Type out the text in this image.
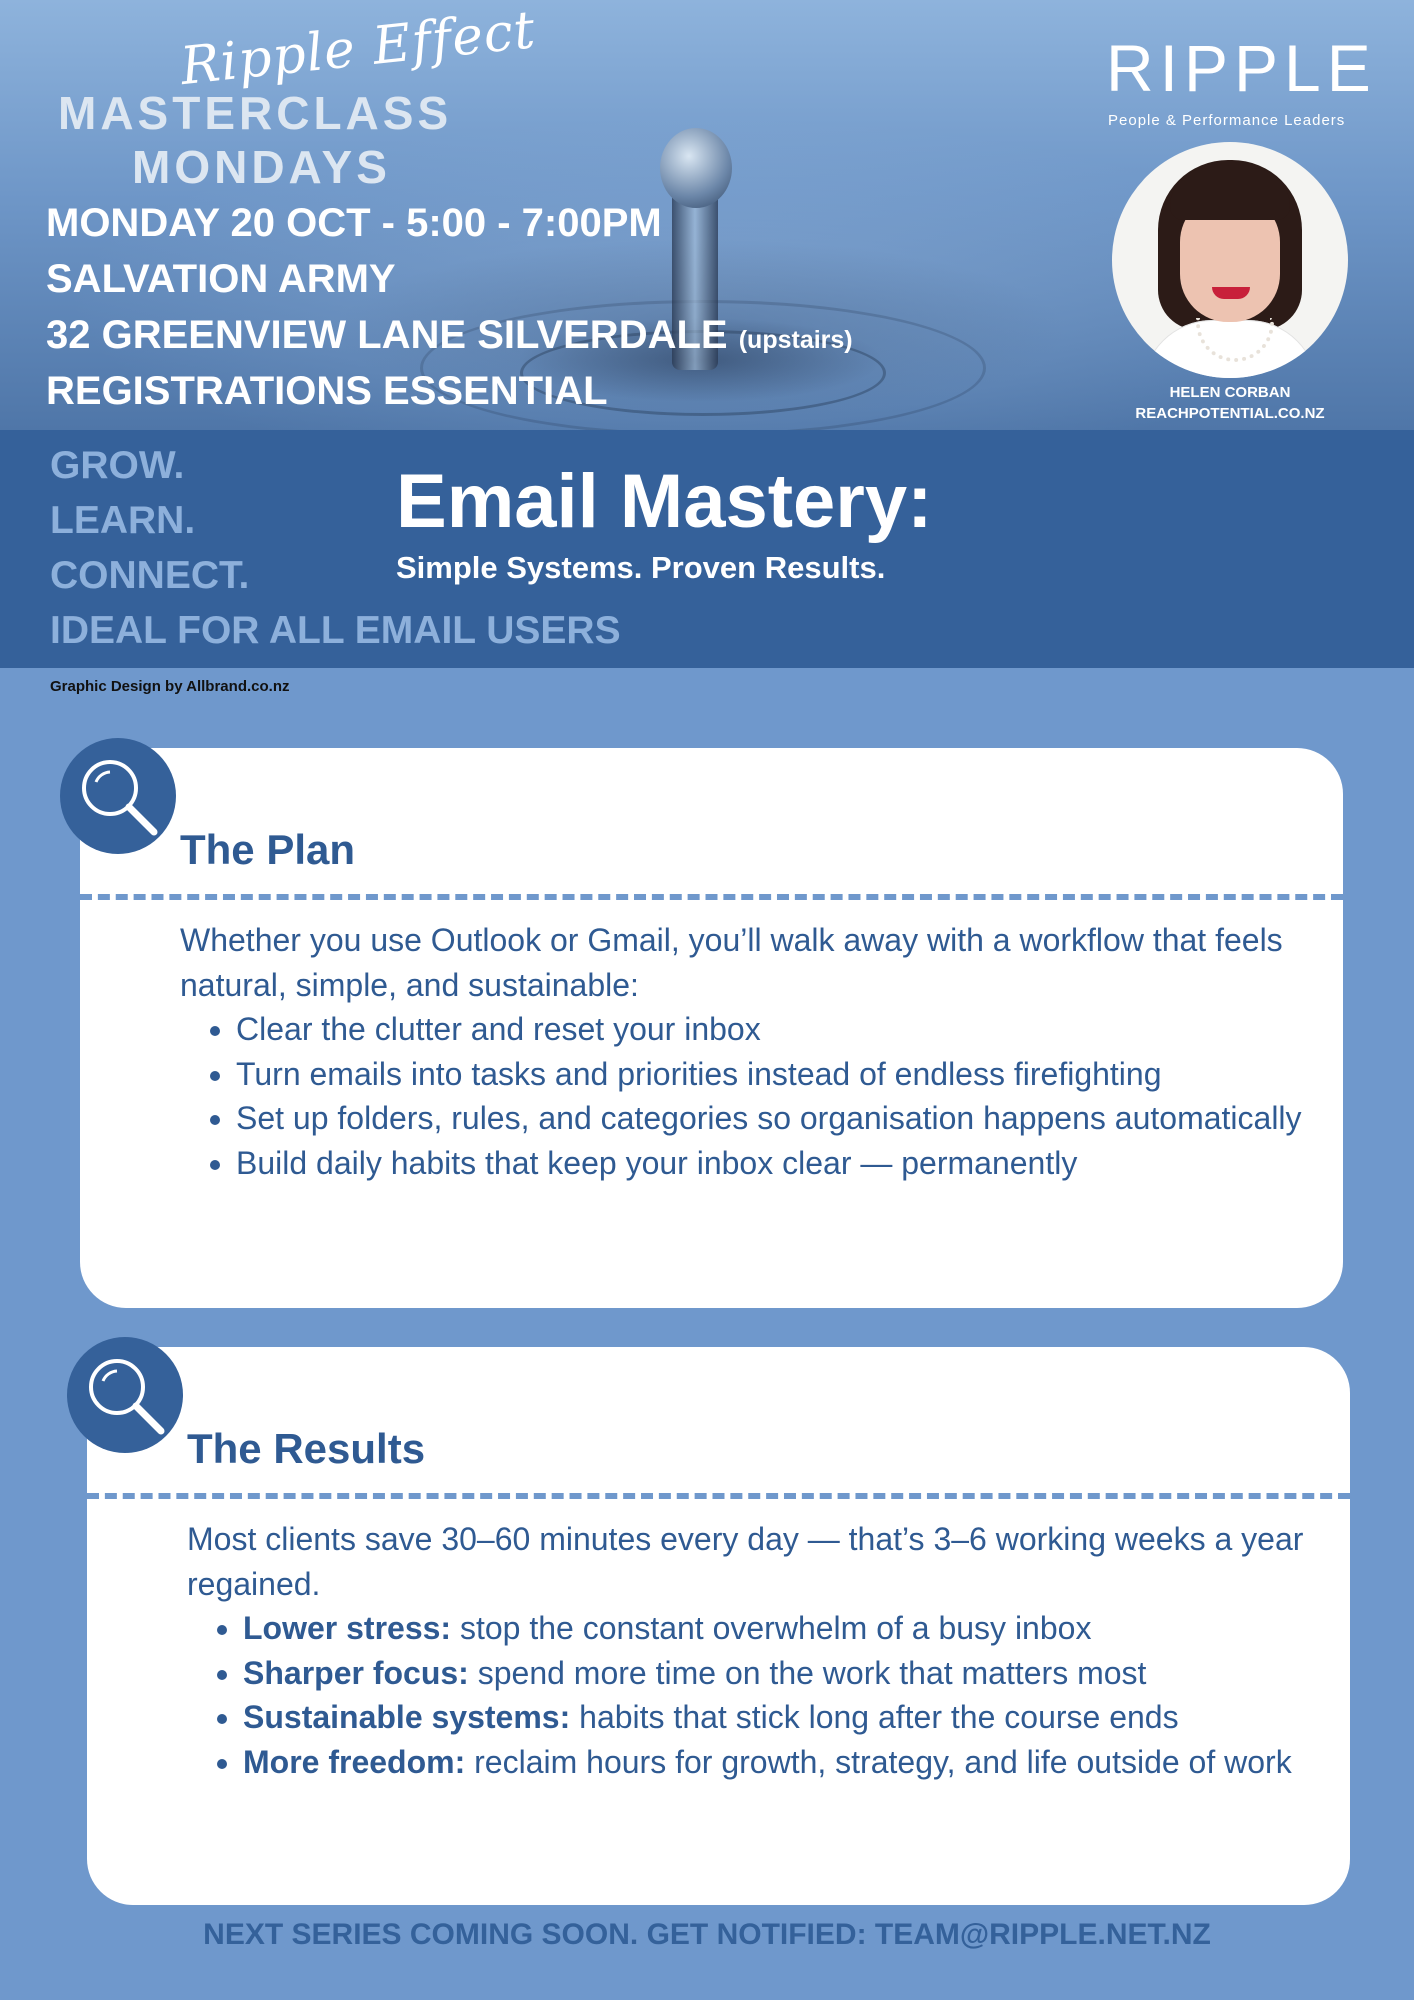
Ripple Effect
MASTERCLASS
MONDAYS
MONDAY 20 OCT - 5:00 - 7:00PM
SALVATION ARMY
32 GREENVIEW LANE SILVERDALE (upstairs)
REGISTRATIONS ESSENTIAL
RIPPLE
People & Performance Leaders
HELEN CORBAN
REACHPOTENTIAL.CO.NZ
GROW.
LEARN.
CONNECT.
IDEAL FOR ALL EMAIL USERS
Email Mastery:
Simple Systems. Proven Results.
Graphic Design by Allbrand.co.nz
The Plan

Whether you use Outlook or Gmail, you’ll walk away with a workflow that feels natural, simple, and sustainable:

• Clear the clutter and reset your inbox
• Turn emails into tasks and priorities instead of endless firefighting
• Set up folders, rules, and categories so organisation happens automatically
• Build daily habits that keep your inbox clear — permanently
The Results

Most clients save 30–60 minutes every day — that’s 3–6 working weeks a year regained.

• Lower stress: stop the constant overwhelm of a busy inbox
• Sharper focus: spend more time on the work that matters most
• Sustainable systems: habits that stick long after the course ends
• More freedom: reclaim hours for growth, strategy, and life outside of work
NEXT SERIES COMING SOON. GET NOTIFIED: TEAM@RIPPLE.NET.NZ
